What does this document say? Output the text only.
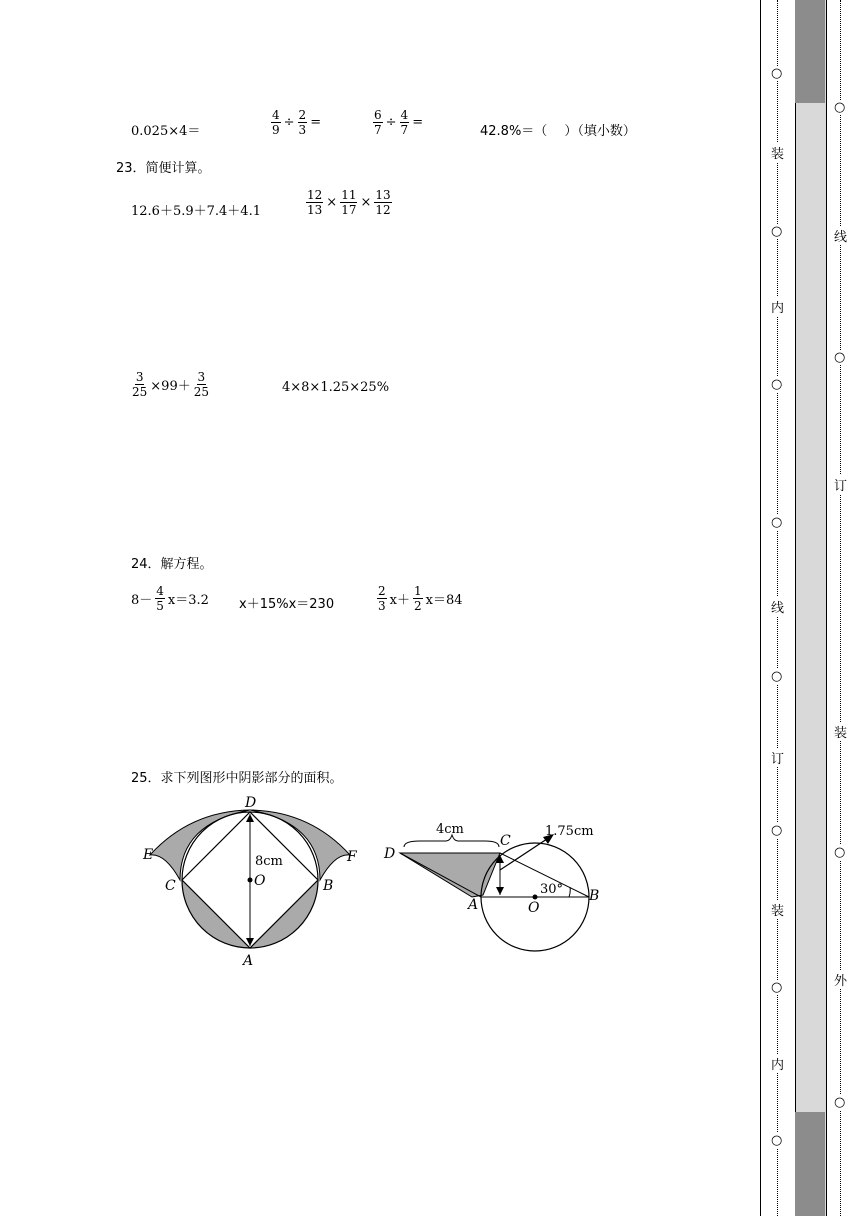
0.025×4＝	$\frac{4}{9} \div \frac{2}{3}$ =	$\frac{6}{7} \div \frac{4}{7}$ =
42.8%＝（　 ）（填小数）
23．简便计算。
12.6＋5.9＋7.4＋4.1	$\frac{12}{13} \times \frac{11}{17} \times \frac{13}{12}$
$\frac{3}{25} \times 99+ \frac{3}{25}$	4×8×1.25×25%
24．解方程。
$8- \frac{4}{5} x=3.2$ x＋15%x＝230	$\frac{2}{3} x+ \frac{1}{2} x=84$
25．求下列图形中阴影部分的面积。
D
E	F
C	B
O
A
8cm	D
C
A	O
B
4cm	1.75cm
30°
○
○
○
○
○
○
○
○
装
内
线
订
装
内
○
○
○
○
线
订
装
外
